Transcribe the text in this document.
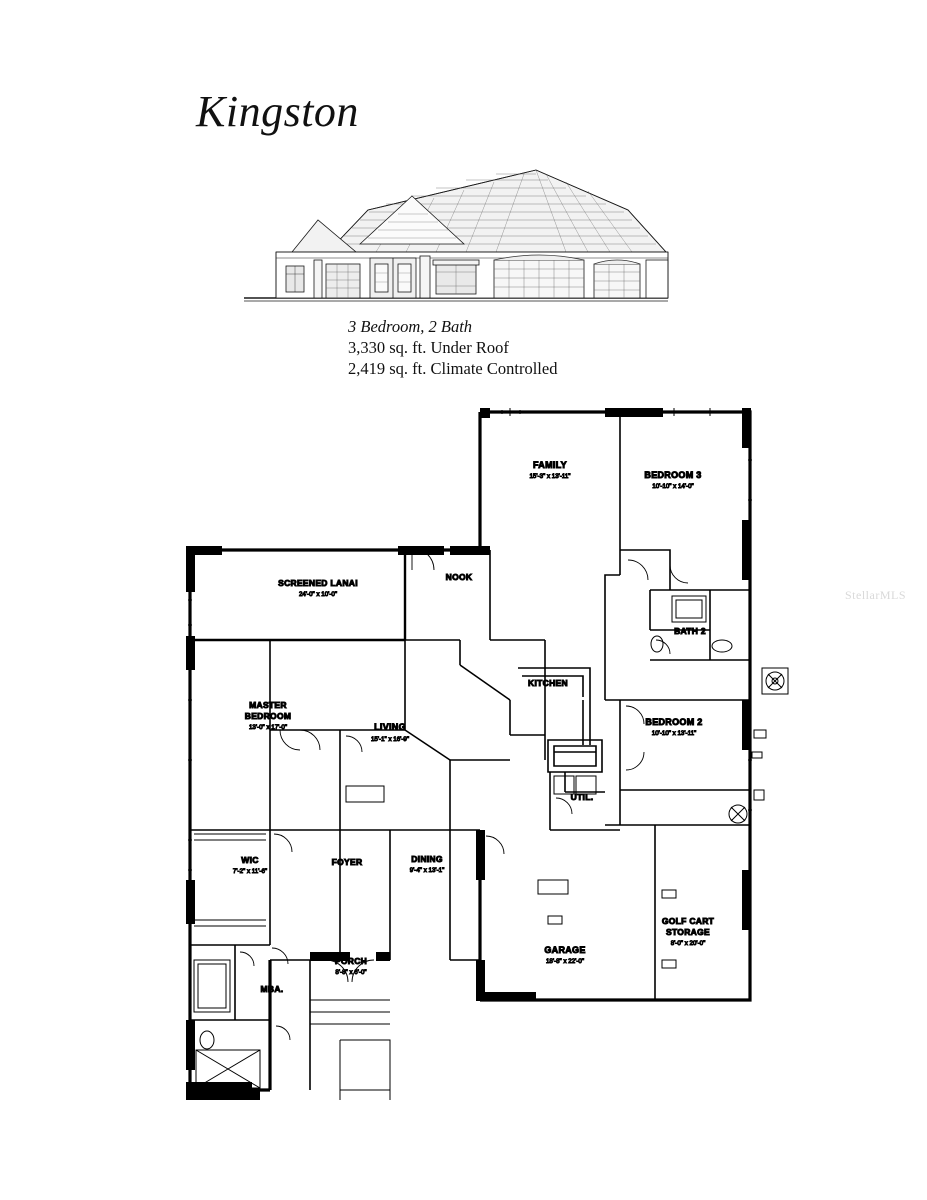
Kingston
3 Bedroom, 2 Bath
3,330 sq. ft. Under Roof
2,419 sq. ft. Climate Controlled
FAMILY
15'-3" x 13'-11"	BEDROOM 3
10'-10" x 14'-0"
SCREENED LANAI
24'-0" x 10'-0"
NOOK
BATH 2
KITCHEN
MASTER
BEDROOM
13'-0" x 17'-0"	LIVING
15'-1" x 16'-9"
BEDROOM 2
10'-10" x 13'-11"
UTIL.
WIC
7'-2" x 11'-6"
FOYER	DINING
9'-4" x 13'-1"
GOLF CART
STORAGE
8'-0" x 20'-0"
GARAGE
18'-8" x 22'-0"
PORCH
8'-8" x 6'-0"
MBA.
StellarMLS
